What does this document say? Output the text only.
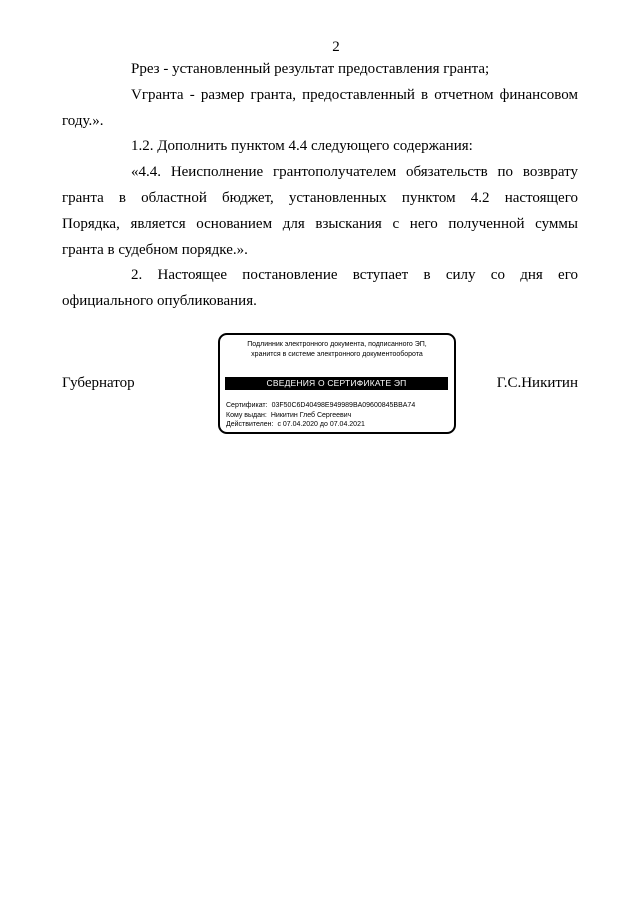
2
Ррез - установленный результат предоставления гранта;
Vгранта - размер гранта, предоставленный в отчетном финансовом
году.».
1.2. Дополнить пунктом 4.4 следующего содержания:
«4.4. Неисполнение грантополучателем обязательств по возврату
гранта в областной бюджет, установленных пунктом 4.2 настоящего
Порядка, является основанием для взыскания с него полученной суммы
гранта в судебном порядке.».
2. Настоящее постановление вступает в силу со дня его
официального опубликования.
Губернатор
Подлинник электронного документа, подписанного ЭП,
хранится в системе электронного документооборота
СВЕДЕНИЯ О СЕРТИФИКАТЕ ЭП
Сертификат: 03F50C6D40498E949989BA09600845BBA74
Кому выдан: Никитин Глеб Сергеевич
Действителен: с 07.04.2020 до 07.04.2021
Г.С.Никитин
